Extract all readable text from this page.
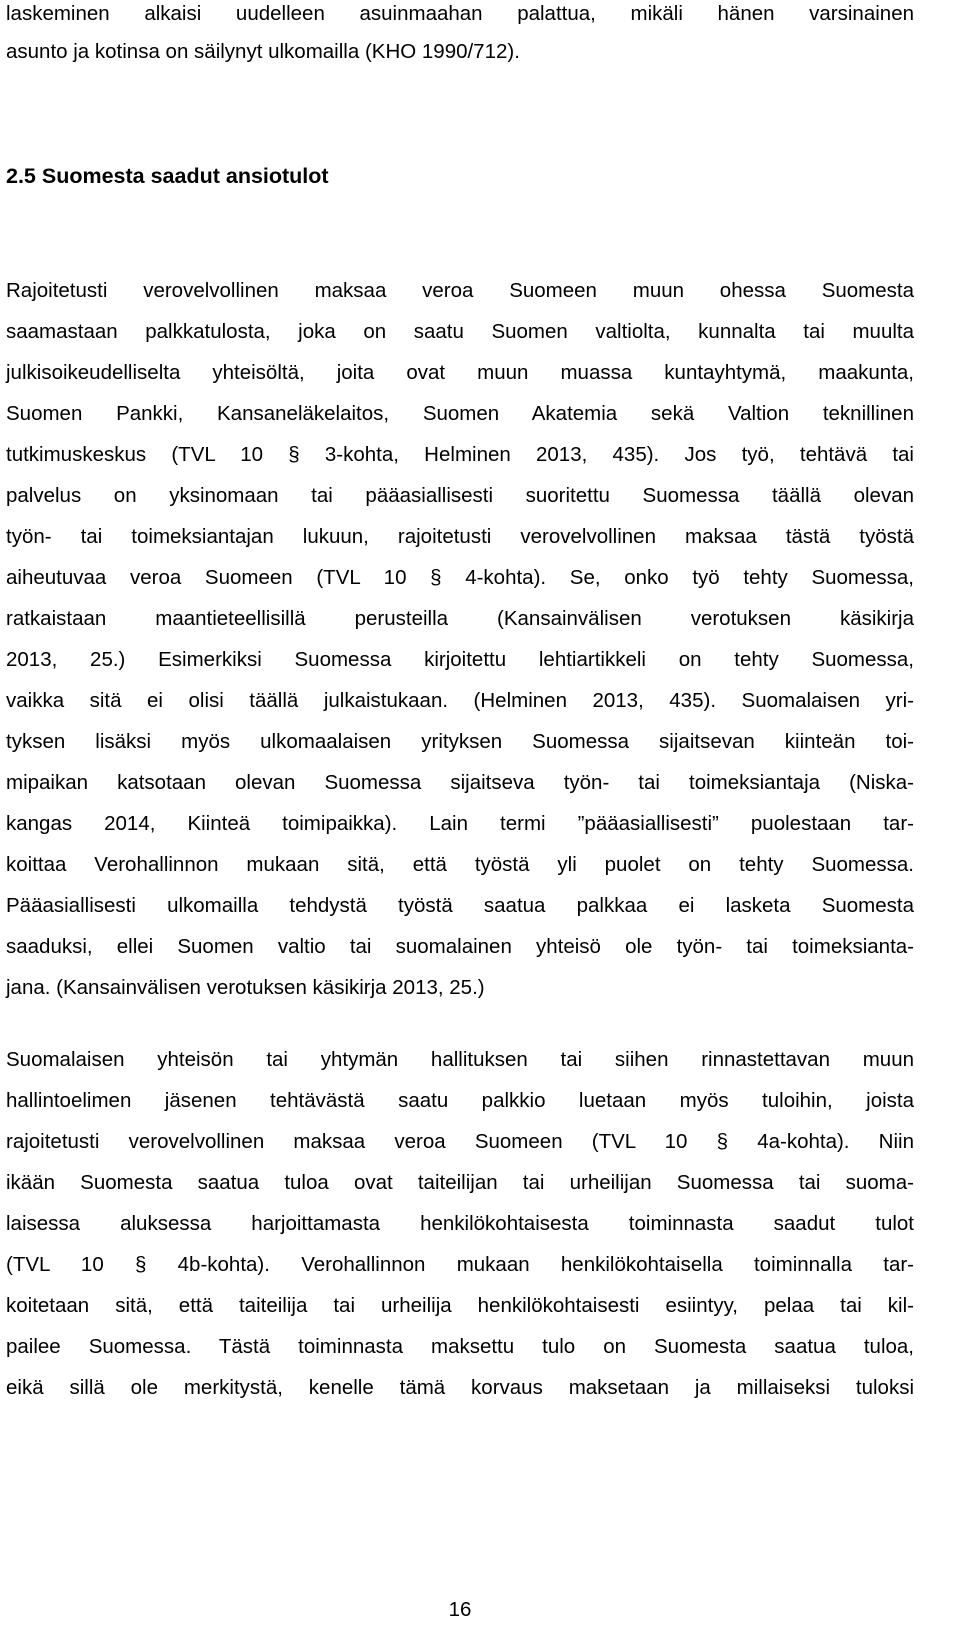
laskeminen alkaisi uudelleen asuinmaahan palattua, mikäli hänen varsinainen
asunto ja kotinsa on säilynyt ulkomailla (KHO 1990/712).
2.5 Suomesta saadut ansiotulot
Rajoitetusti verovelvollinen maksaa veroa Suomeen muun ohessa Suomesta
saamastaan palkkatulosta, joka on saatu Suomen valtiolta, kunnalta tai muulta
julkisoikeudelliselta yhteisöltä, joita ovat muun muassa kuntayhtymä, maakunta,
Suomen Pankki, Kansaneläkelaitos, Suomen Akatemia sekä Valtion teknillinen
tutkimuskeskus (TVL 10 § 3-kohta, Helminen 2013, 435). Jos työ, tehtävä tai
palvelus on yksinomaan tai pääasiallisesti suoritettu Suomessa täällä olevan
työn- tai toimeksiantajan lukuun, rajoitetusti verovelvollinen maksaa tästä työstä
aiheutuvaa veroa Suomeen (TVL 10 § 4-kohta). Se, onko työ tehty Suomessa,
ratkaistaan maantieteellisillä perusteilla (Kansainvälisen verotuksen käsikirja
2013, 25.) Esimerkiksi Suomessa kirjoitettu lehtiartikkeli on tehty Suomessa,
vaikka sitä ei olisi täällä julkaistukaan. (Helminen 2013, 435). Suomalaisen yri-
tyksen lisäksi myös ulkomaalaisen yrityksen Suomessa sijaitsevan kiinteän toi-
mipaikan katsotaan olevan Suomessa sijaitseva työn- tai toimeksiantaja (Niska-
kangas 2014, Kiinteä toimipaikka). Lain termi ”pääasiallisesti” puolestaan tar-
koittaa Verohallinnon mukaan sitä, että työstä yli puolet on tehty Suomessa.
Pääasiallisesti ulkomailla tehdystä työstä saatua palkkaa ei lasketa Suomesta
saaduksi, ellei Suomen valtio tai suomalainen yhteisö ole työn- tai toimeksianta-
jana. (Kansainvälisen verotuksen käsikirja 2013, 25.)
Suomalaisen yhteisön tai yhtymän hallituksen tai siihen rinnastettavan muun
hallintoelimen jäsenen tehtävästä saatu palkkio luetaan myös tuloihin, joista
rajoitetusti verovelvollinen maksaa veroa Suomeen (TVL 10 § 4a-kohta). Niin
ikään Suomesta saatua tuloa ovat taiteilijan tai urheilijan Suomessa tai suoma-
laisessa aluksessa harjoittamasta henkilökohtaisesta toiminnasta saadut tulot
(TVL 10 § 4b-kohta). Verohallinnon mukaan henkilökohtaisella toiminnalla tar-
koitetaan sitä, että taiteilija tai urheilija henkilökohtaisesti esiintyy, pelaa tai kil-
pailee Suomessa. Tästä toiminnasta maksettu tulo on Suomesta saatua tuloa,
eikä sillä ole merkitystä, kenelle tämä korvaus maksetaan ja millaiseksi tuloksi
16
